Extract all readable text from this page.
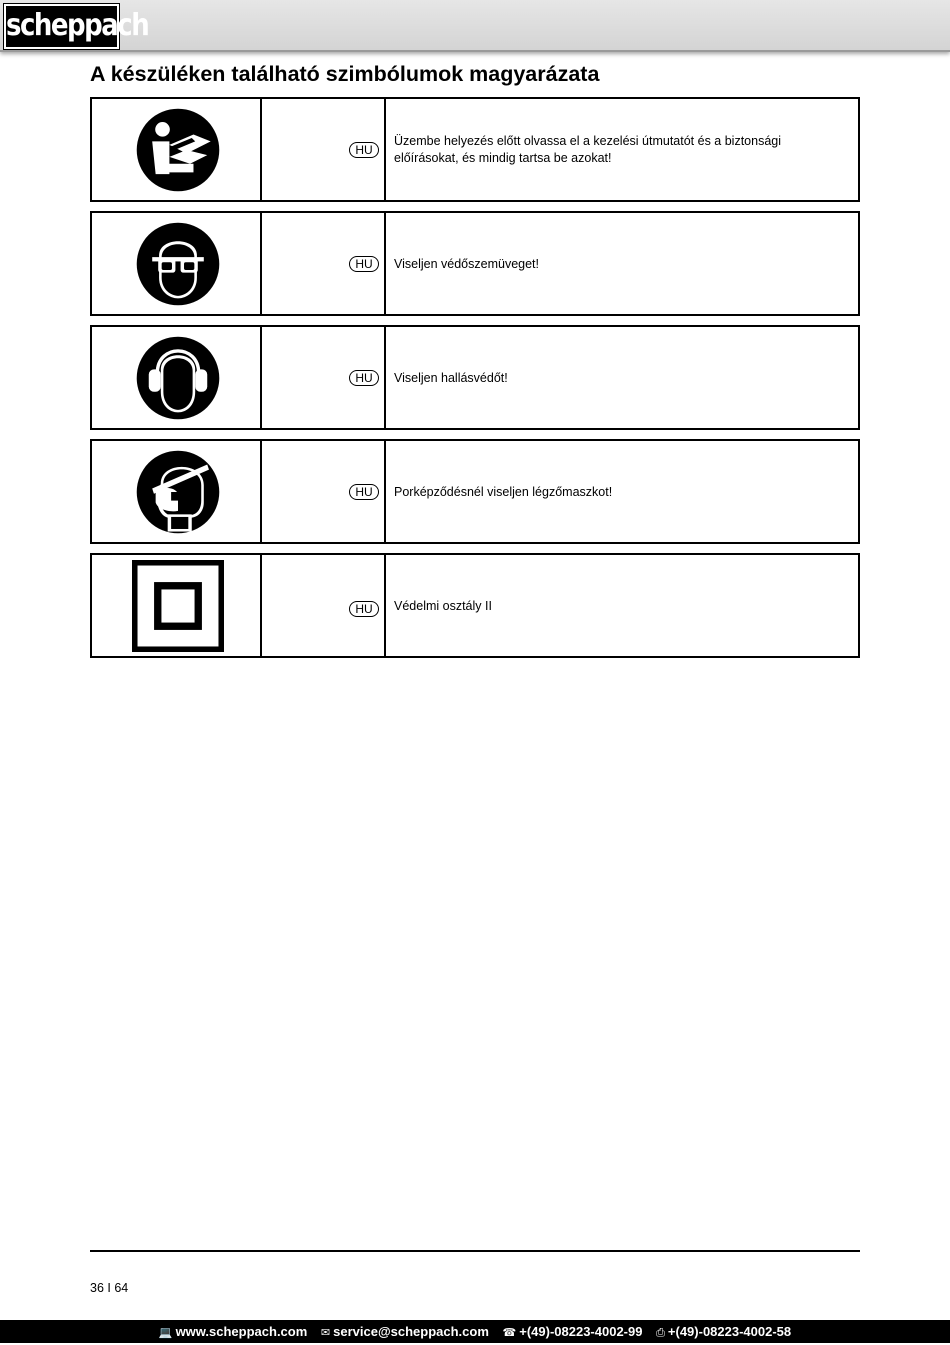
scheppach
A készüléken található szimbólumok magyarázata
HU
Üzembe helyezés előtt olvassa el a kezelési útmutatót és a biztonsági előírásokat, és mindig tartsa be azokat!
HU	Viseljen védőszemüveget!
HU	Viseljen hallásvédőt!
HU	Porképződésnél viseljen légzőmaszkot!
HU	Védelmi osztály II
36 I 64
💻 www.scheppach.com ✉ service@scheppach.com ☎ +(49)-08223-4002-99 ⎙ +(49)-08223-4002-58
